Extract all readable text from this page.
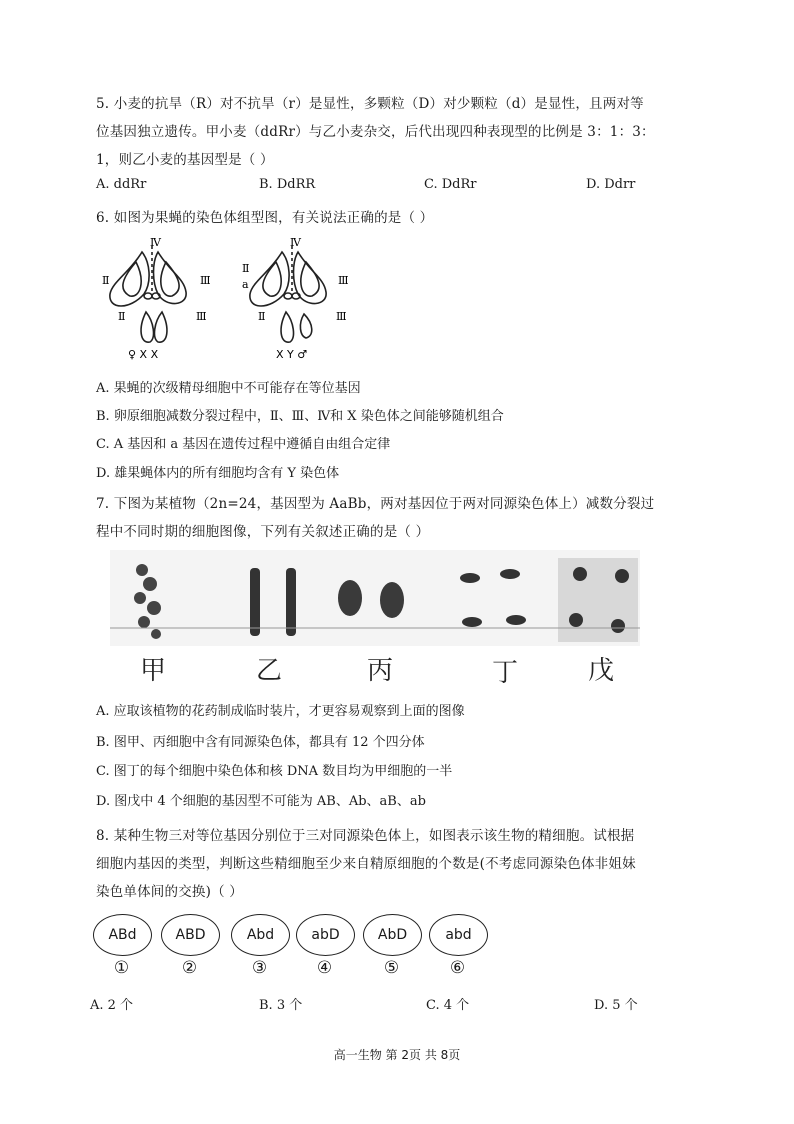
5. 小麦的抗旱（R）对不抗旱（r）是显性，多颗粒（D）对少颗粒（d）是显性，且两对等
位基因独立遗传。甲小麦（ddRr）与乙小麦杂交，后代出现四种表现型的比例是 3：1：3：
1，则乙小麦的基因型是（ ）
A. ddRr	B. DdRR	C. DdRr	D. Ddrr
6. 如图为果蝇的染色体组型图，有关说法正确的是（ ）
Ⅳ	Ⅳ
Ⅱ	Ⅲ
Ⅱ
Ⅲ
Ⅱ	Ⅲ	Ⅱ	Ⅲ
a
♀ X X	X Y ♂
A. 果蝇的次级精母细胞中不可能存在等位基因
B. 卵原细胞减数分裂过程中，Ⅱ、Ⅲ、Ⅳ和 X 染色体之间能够随机组合
C. A 基因和 a 基因在遗传过程中遵循自由组合定律
D. 雄果蝇体内的所有细胞均含有 Y 染色体
7. 下图为某植物（2n=24，基因型为 AaBb，两对基因位于两对同源染色体上）减数分裂过
程中不同时期的细胞图像，下列有关叙述正确的是（ ）
甲	乙	丙	丁	戊
A. 应取该植物的花药制成临时装片，才更容易观察到上面的图像
B. 图甲、丙细胞中含有同源染色体，都具有 12 个四分体
C. 图丁的每个细胞中染色体和核 DNA 数目均为甲细胞的一半
D. 图戊中 4 个细胞的基因型不可能为 AB、Ab、aB、ab
8. 某种生物三对等位基因分别位于三对同源染色体上，如图表示该生物的精细胞。试根据
细胞内基因的类型，判断这些精细胞至少来自精原细胞的个数是(不考虑同源染色体非姐妹
染色单体间的交换)（ ）
ABd
①
ABD
②
Abd
③
abD
④
AbD
⑤
abd
⑥
A. 2 个	B. 3 个	C. 4 个	D. 5 个
高一生物 第 2页 共 8页
